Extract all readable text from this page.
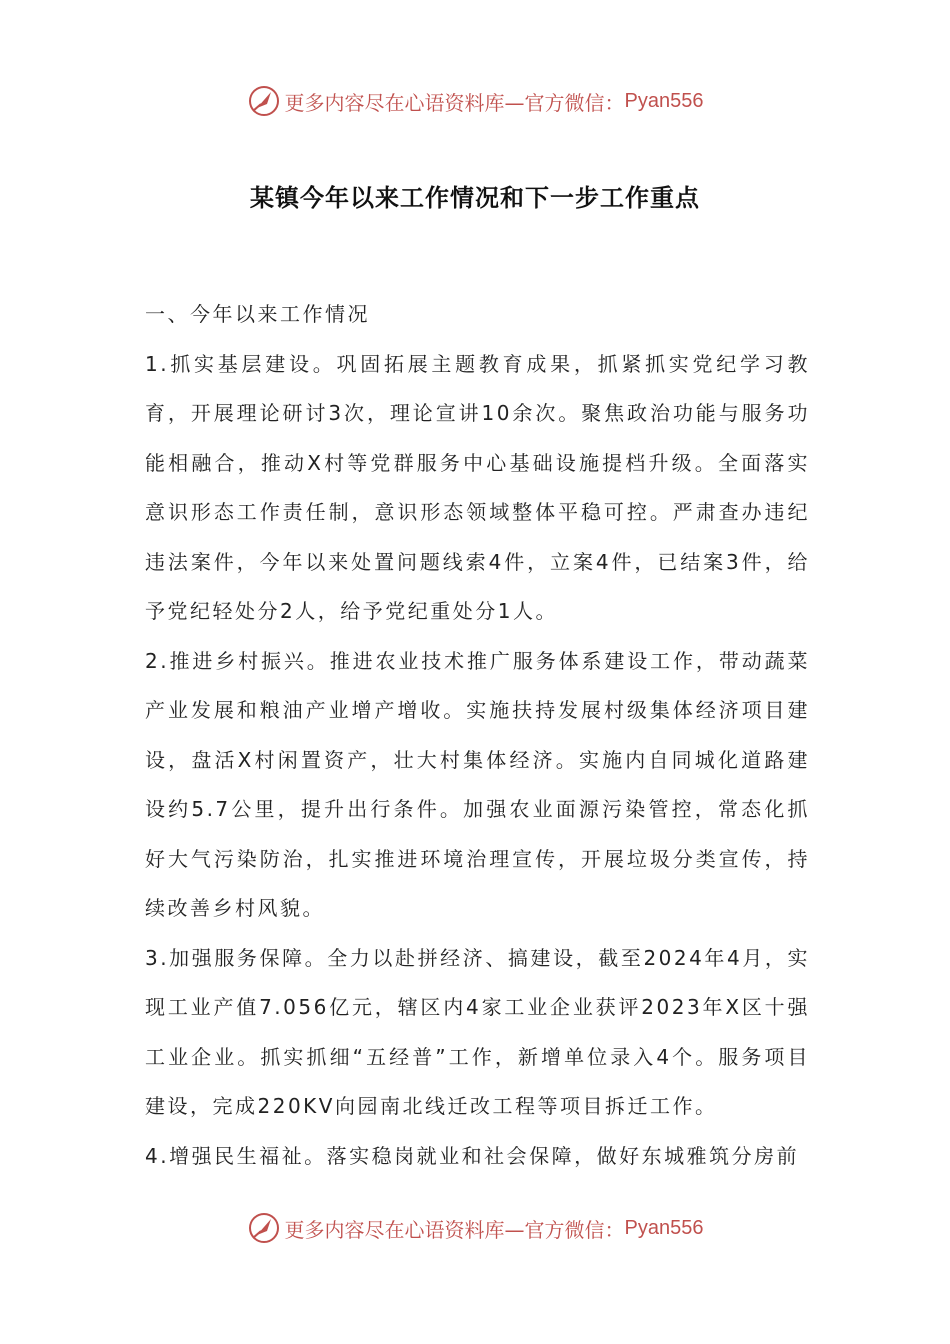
更多内容尽在心语资料库—官方微信： Pyan556
某镇今年以来工作情况和下一步工作重点

一、今年以来工作情况

1.抓实基层建设。巩固拓展主题教育成果，抓紧抓实党纪学习教育，开展理论研讨3次，理论宣讲10余次。聚焦政治功能与服务功能相融合，推动X村等党群服务中心基础设施提档升级。全面落实意识形态工作责任制，意识形态领域整体平稳可控。严肃查办违纪违法案件，今年以来处置问题线索4件，立案4件，已结案3件，给予党纪轻处分2人，给予党纪重处分1人。

2.推进乡村振兴。推进农业技术推广服务体系建设工作，带动蔬菜产业发展和粮油产业增产增收。实施扶持发展村级集体经济项目建设，盘活X村闲置资产，壮大村集体经济。实施内自同城化道路建设约5.7公里，提升出行条件。加强农业面源污染管控，常态化抓好大气污染防治，扎实推进环境治理宣传，开展垃圾分类宣传，持续改善乡村风貌。

3.加强服务保障。全力以赴拼经济、搞建设，截至2024年4月，实现工业产值7.056亿元，辖区内4家工业企业获评2023年X区十强工业企业。抓实抓细“五经普”工作，新增单位录入4个。服务项目建设，完成220KV向园南北线迁改工程等项目拆迁工作。

4.增强民生福祉。落实稳岗就业和社会保障，做好东城雅筑分房前

更多内容尽在心语资料库—官方微信： Pyan556
